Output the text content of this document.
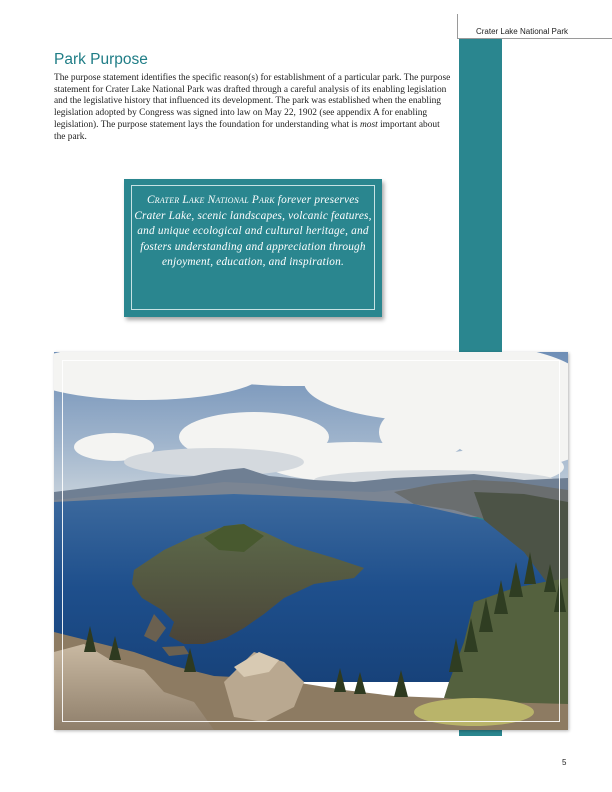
Crater Lake National Park
Park Purpose

The purpose statement identifies the specific reason(s) for establishment of a particular park. The purpose statement for Crater Lake National Park was drafted through a careful analysis of its enabling legislation and the legislative history that influenced its development. The park was established when the enabling legislation adopted by Congress was signed into law on May 22, 1902 (see appendix A for enabling legislation). The purpose statement lays the foundation for understanding what is most important about the park.

Crater Lake National Park forever preserves Crater Lake, scenic landscapes, volcanic features, and unique ecological and cultural heritage, and fosters understanding and appreciation through enjoyment, education, and inspiration.

5
